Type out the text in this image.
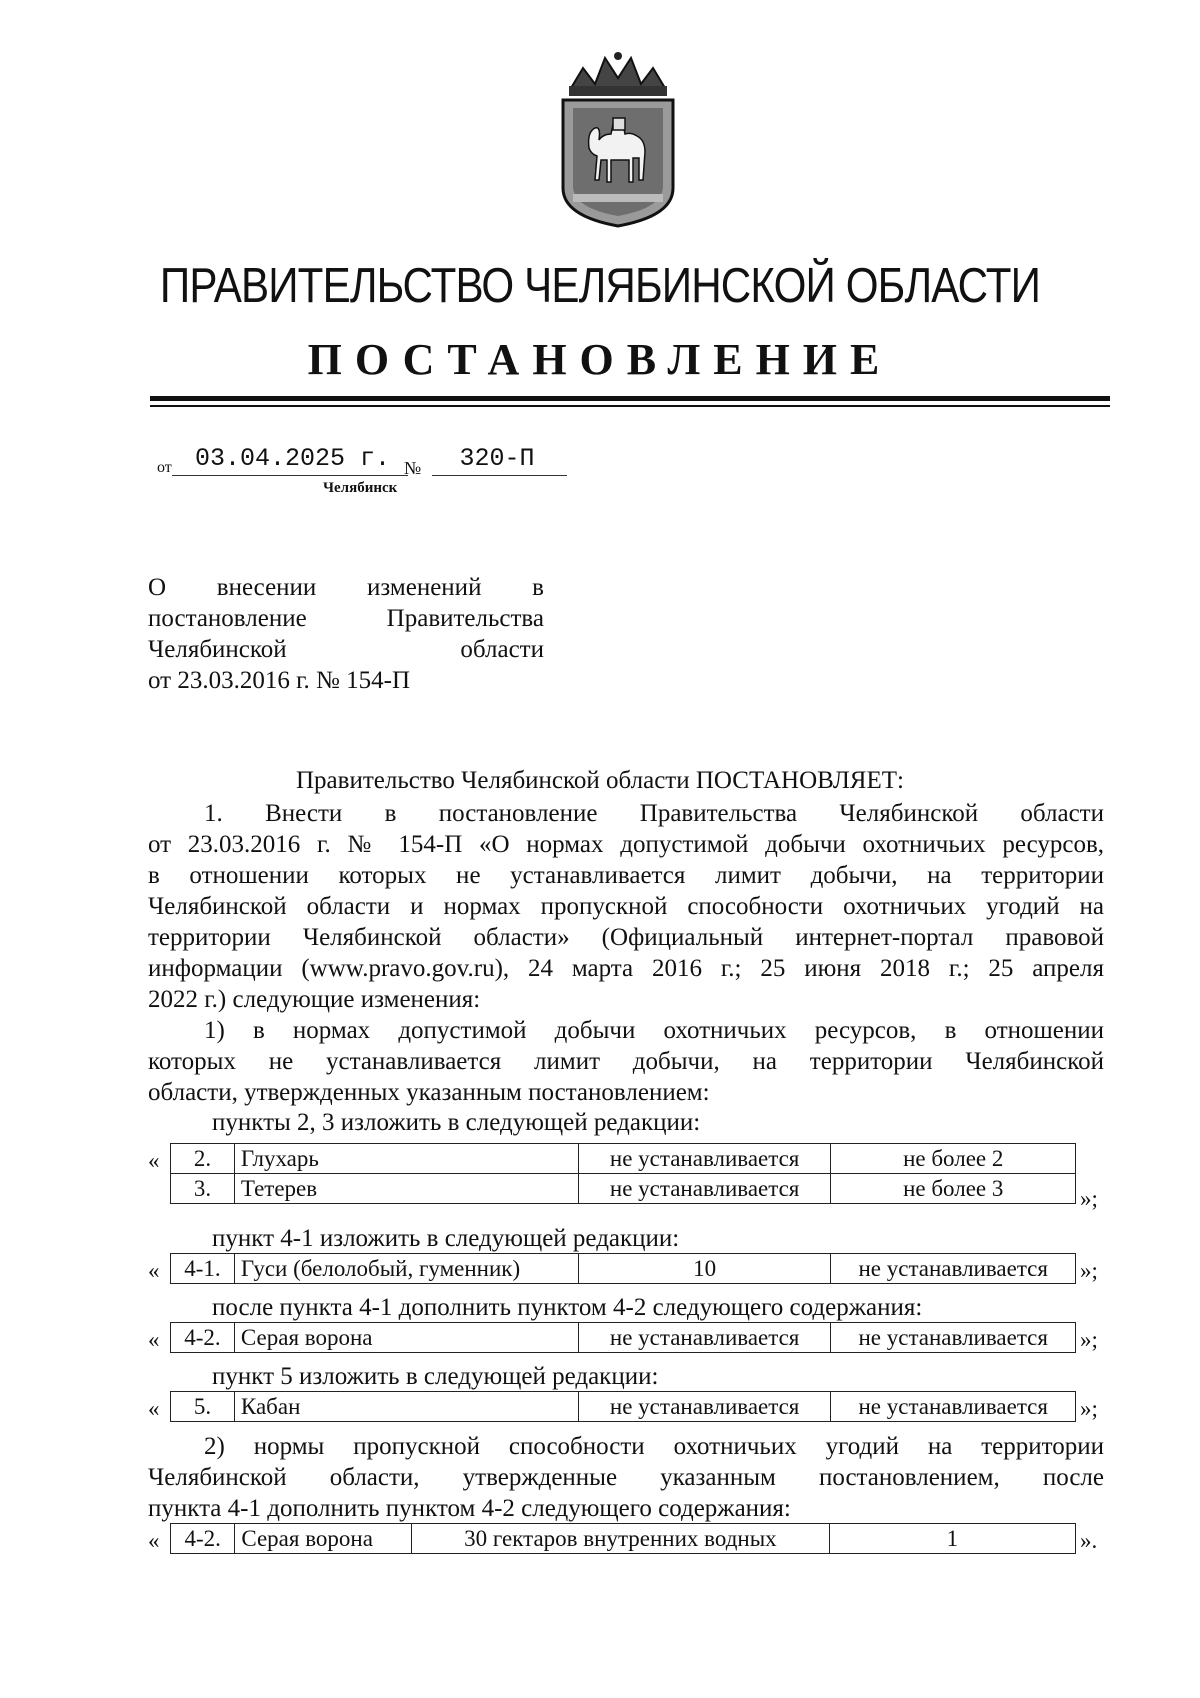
ПРАВИТЕЛЬСТВО ЧЕЛЯБИНСКОЙ ОБЛАСТИ
ПОСТАНОВЛЕНИЕ
от 03.04.2025 г. №	320-П
Челябинск
О внесении изменений в
постановление	Правительства
Челябинской	области
от 23.03.2016 г. № 154-П
Правительство Челябинской области ПОСТАНОВЛЯЕТ:
1. Внести в постановление Правительства Челябинской области
от 23.03.2016 г. № 154-П «О нормах допустимой добычи охотничьих ресурсов,
в отношении которых не устанавливается лимит добычи, на территории
Челябинской области и нормах пропускной способности охотничьих угодий на
территории Челябинской области» (Официальный интернет-портал правовой
информации (www.pravo.gov.ru), 24 марта 2016 г.; 25 июня 2018 г.; 25 апреля
2022 г.) следующие изменения:
1) в нормах допустимой добычи охотничьих ресурсов, в отношении
которых не устанавливается лимит добычи, на территории Челябинской
области, утвержденных указанным постановлением:
пункты 2, 3 изложить в следующей редакции:
« 2.	Глухарь	не устанавливается	не более 2
3.	Тетерев	не устанавливается	не более 3	»;
пункт 4-1 изложить в следующей редакции:
« 4-1.	Гуси (белолобый, гуменник)	10	не устанавливается »;
после пункта 4-1 дополнить пунктом 4-2 следующего содержания:
« 4-2.	Серая ворона	не устанавливается	не устанавливается »;
пункт 5 изложить в следующей редакции:
« 5.	Кабан	не устанавливается	не устанавливается »;
2) нормы пропускной способности охотничьих угодий на территории
Челябинской области, утвержденные указанным постановлением, после
пункта 4-1 дополнить пунктом 4-2 следующего содержания:
« 4-2.	Серая ворона	30 гектаров внутренних водных	1	».
